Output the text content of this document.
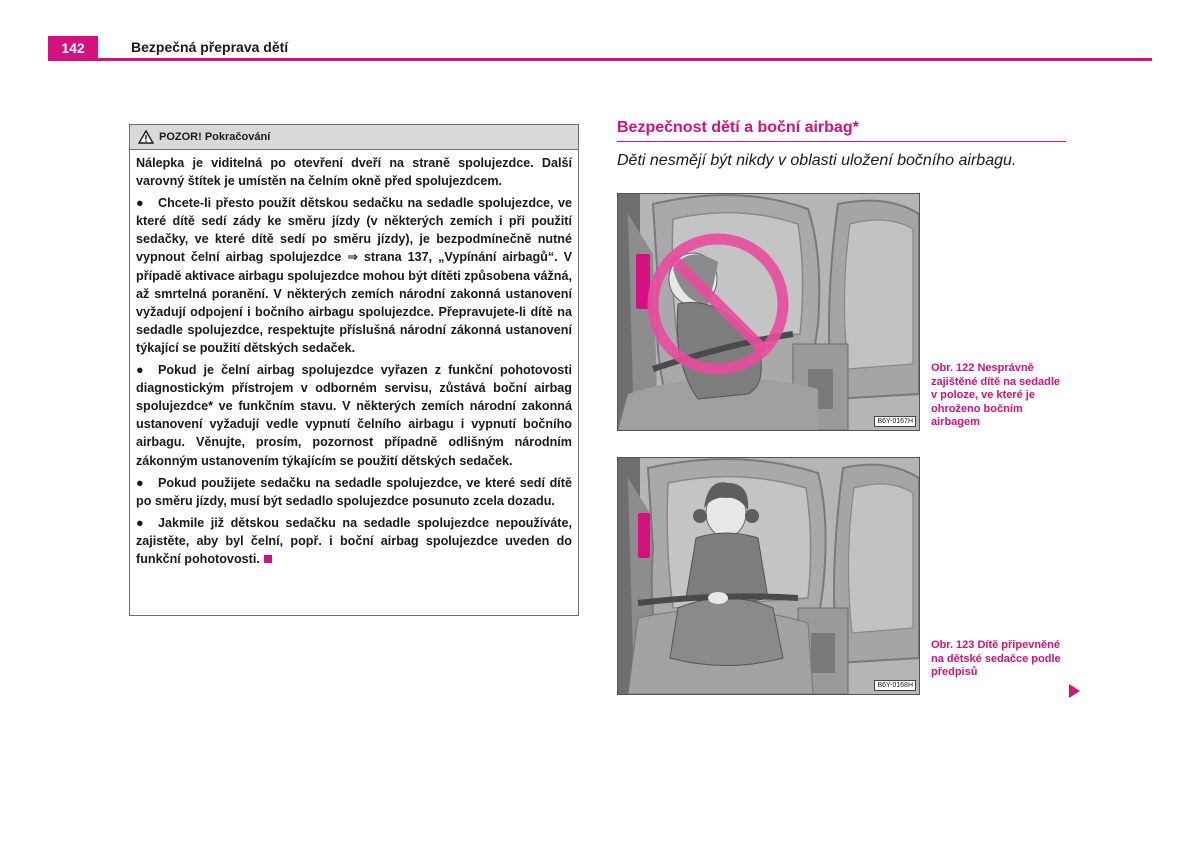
142	Bezpečná přeprava dětí
POZOR! Pokračování

Nálepka je viditelná po otevření dveří na straně spolujezdce. Další varovný štítek je umístěn na čelním okně před spolujezdcem.

● Chcete-li přesto použít dětskou sedačku na sedadle spolujezdce, ve které dítě sedí zády ke směru jízdy (v některých zemích i při použití sedačky, ve které dítě sedí po směru jízdy), je bezpodmínečně nutné vypnout čelní airbag spolujezdce ⇒ strana 137, „Vypínání airbagů“. V případě aktivace airbagu spolujezdce mohou být dítěti způsobena vážná, až smrtelná poranění. V některých zemích národní zakonná ustanovení vyžadují odpojení i bočního airbagu spolujezdce. Přepravujete-li dítě na sedadle spolujezdce, respektujte příslušná národní zákonná ustanovení týkající se použití dětských sedaček.

● Pokud je čelní airbag spolujezdce vyřazen z funkční pohotovosti diagnostickým přístrojem v odborném servisu, zůstává boční airbag spolujezdce* ve funkčním stavu. V některých zemích národní zakonná ustanovení vyžadují vedle vypnutí čelního airbagu i vypnutí bočního airbagu. Věnujte, prosím, pozornost případně odlišným národním zákonným ustanovením týkajícím se použití dětských sedaček.

● Pokud použijete sedačku na sedadle spolujezdce, ve které sedí dítě po směru jízdy, musí být sedadlo spolujezdce posunuto zcela dozadu.

● Jakmile již dětskou sedačku na sedadle spolujezdce nepoužíváte, zajistěte, aby byl čelní, popř. i boční airbag spolujezdce uveden do funkční pohotovosti.

Bezpečnost dětí a boční airbag*
Děti nesmějí být nikdy v oblasti uložení bočního airbagu.
B6Y-0167H
Obr. 122 Nesprávně zajištěné dítě na sedadle v poloze, ve které je ohroženo bočním airbagem
B6Y-0168H
Obr. 123 Dítě připevněné na dětské sedačce podle předpisů
